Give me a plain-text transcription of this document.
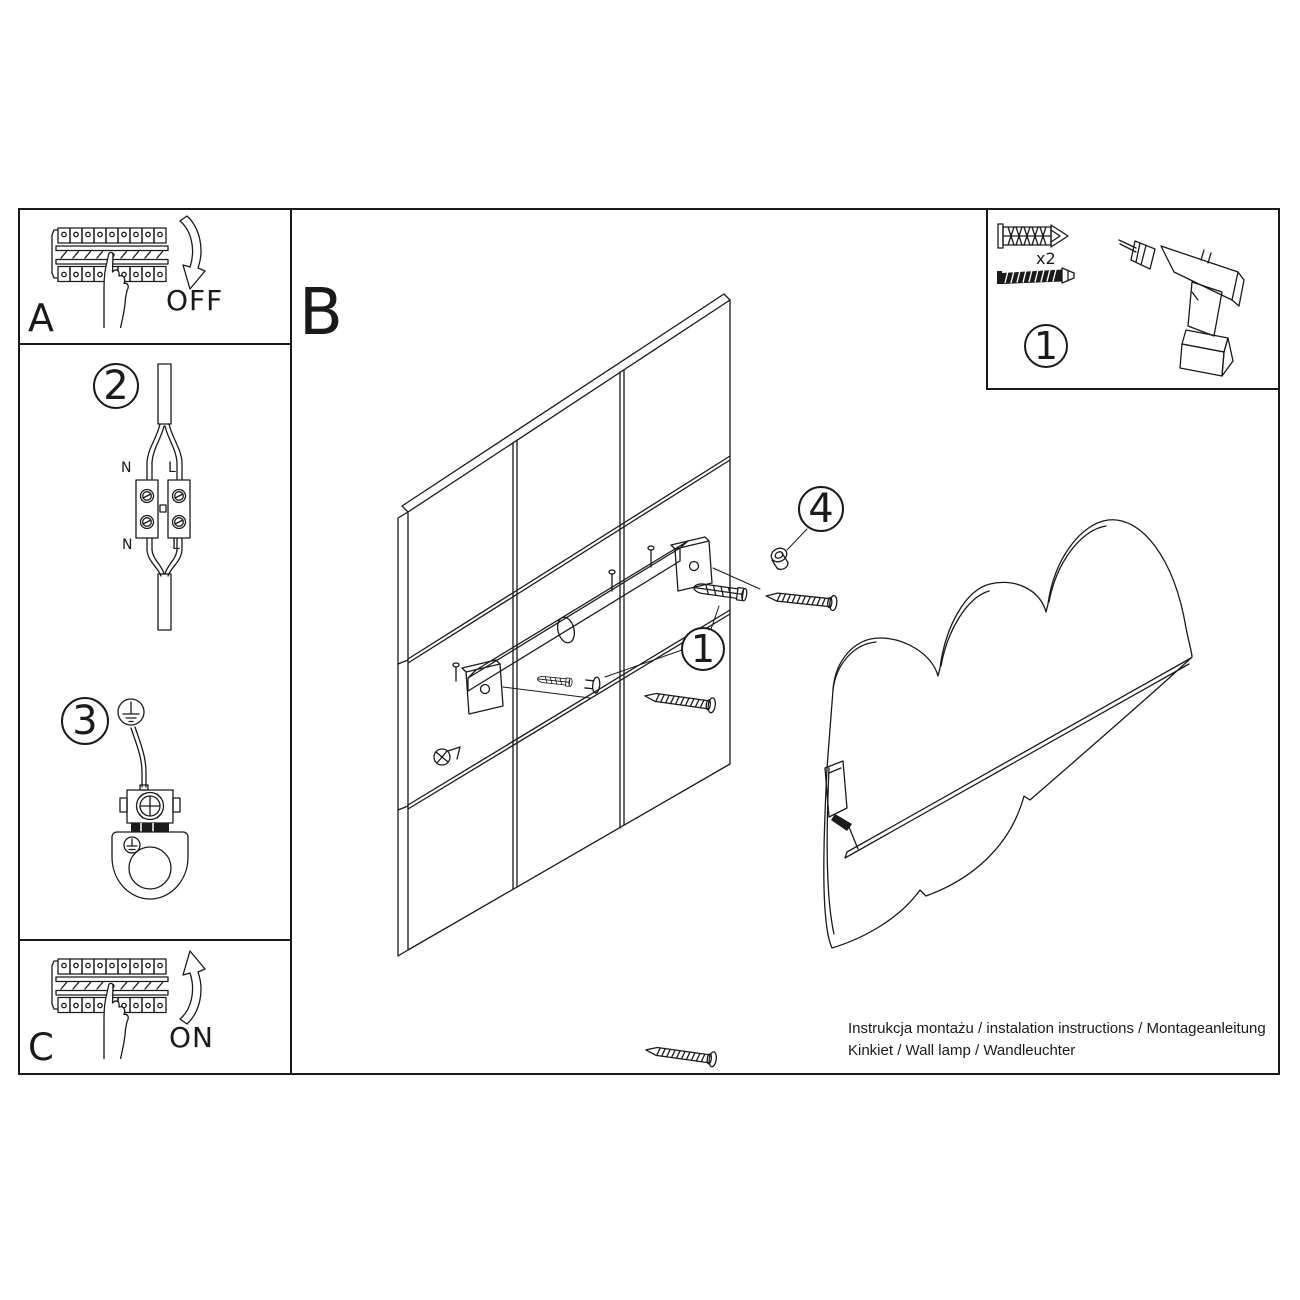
A	OFF
C	ON
B
2
N	L
N	L
3
1
4
x2
1
Instrukcja montażu / instalation instructions / Montageanleitung
Kinkiet / Wall lamp / Wandleuchter
